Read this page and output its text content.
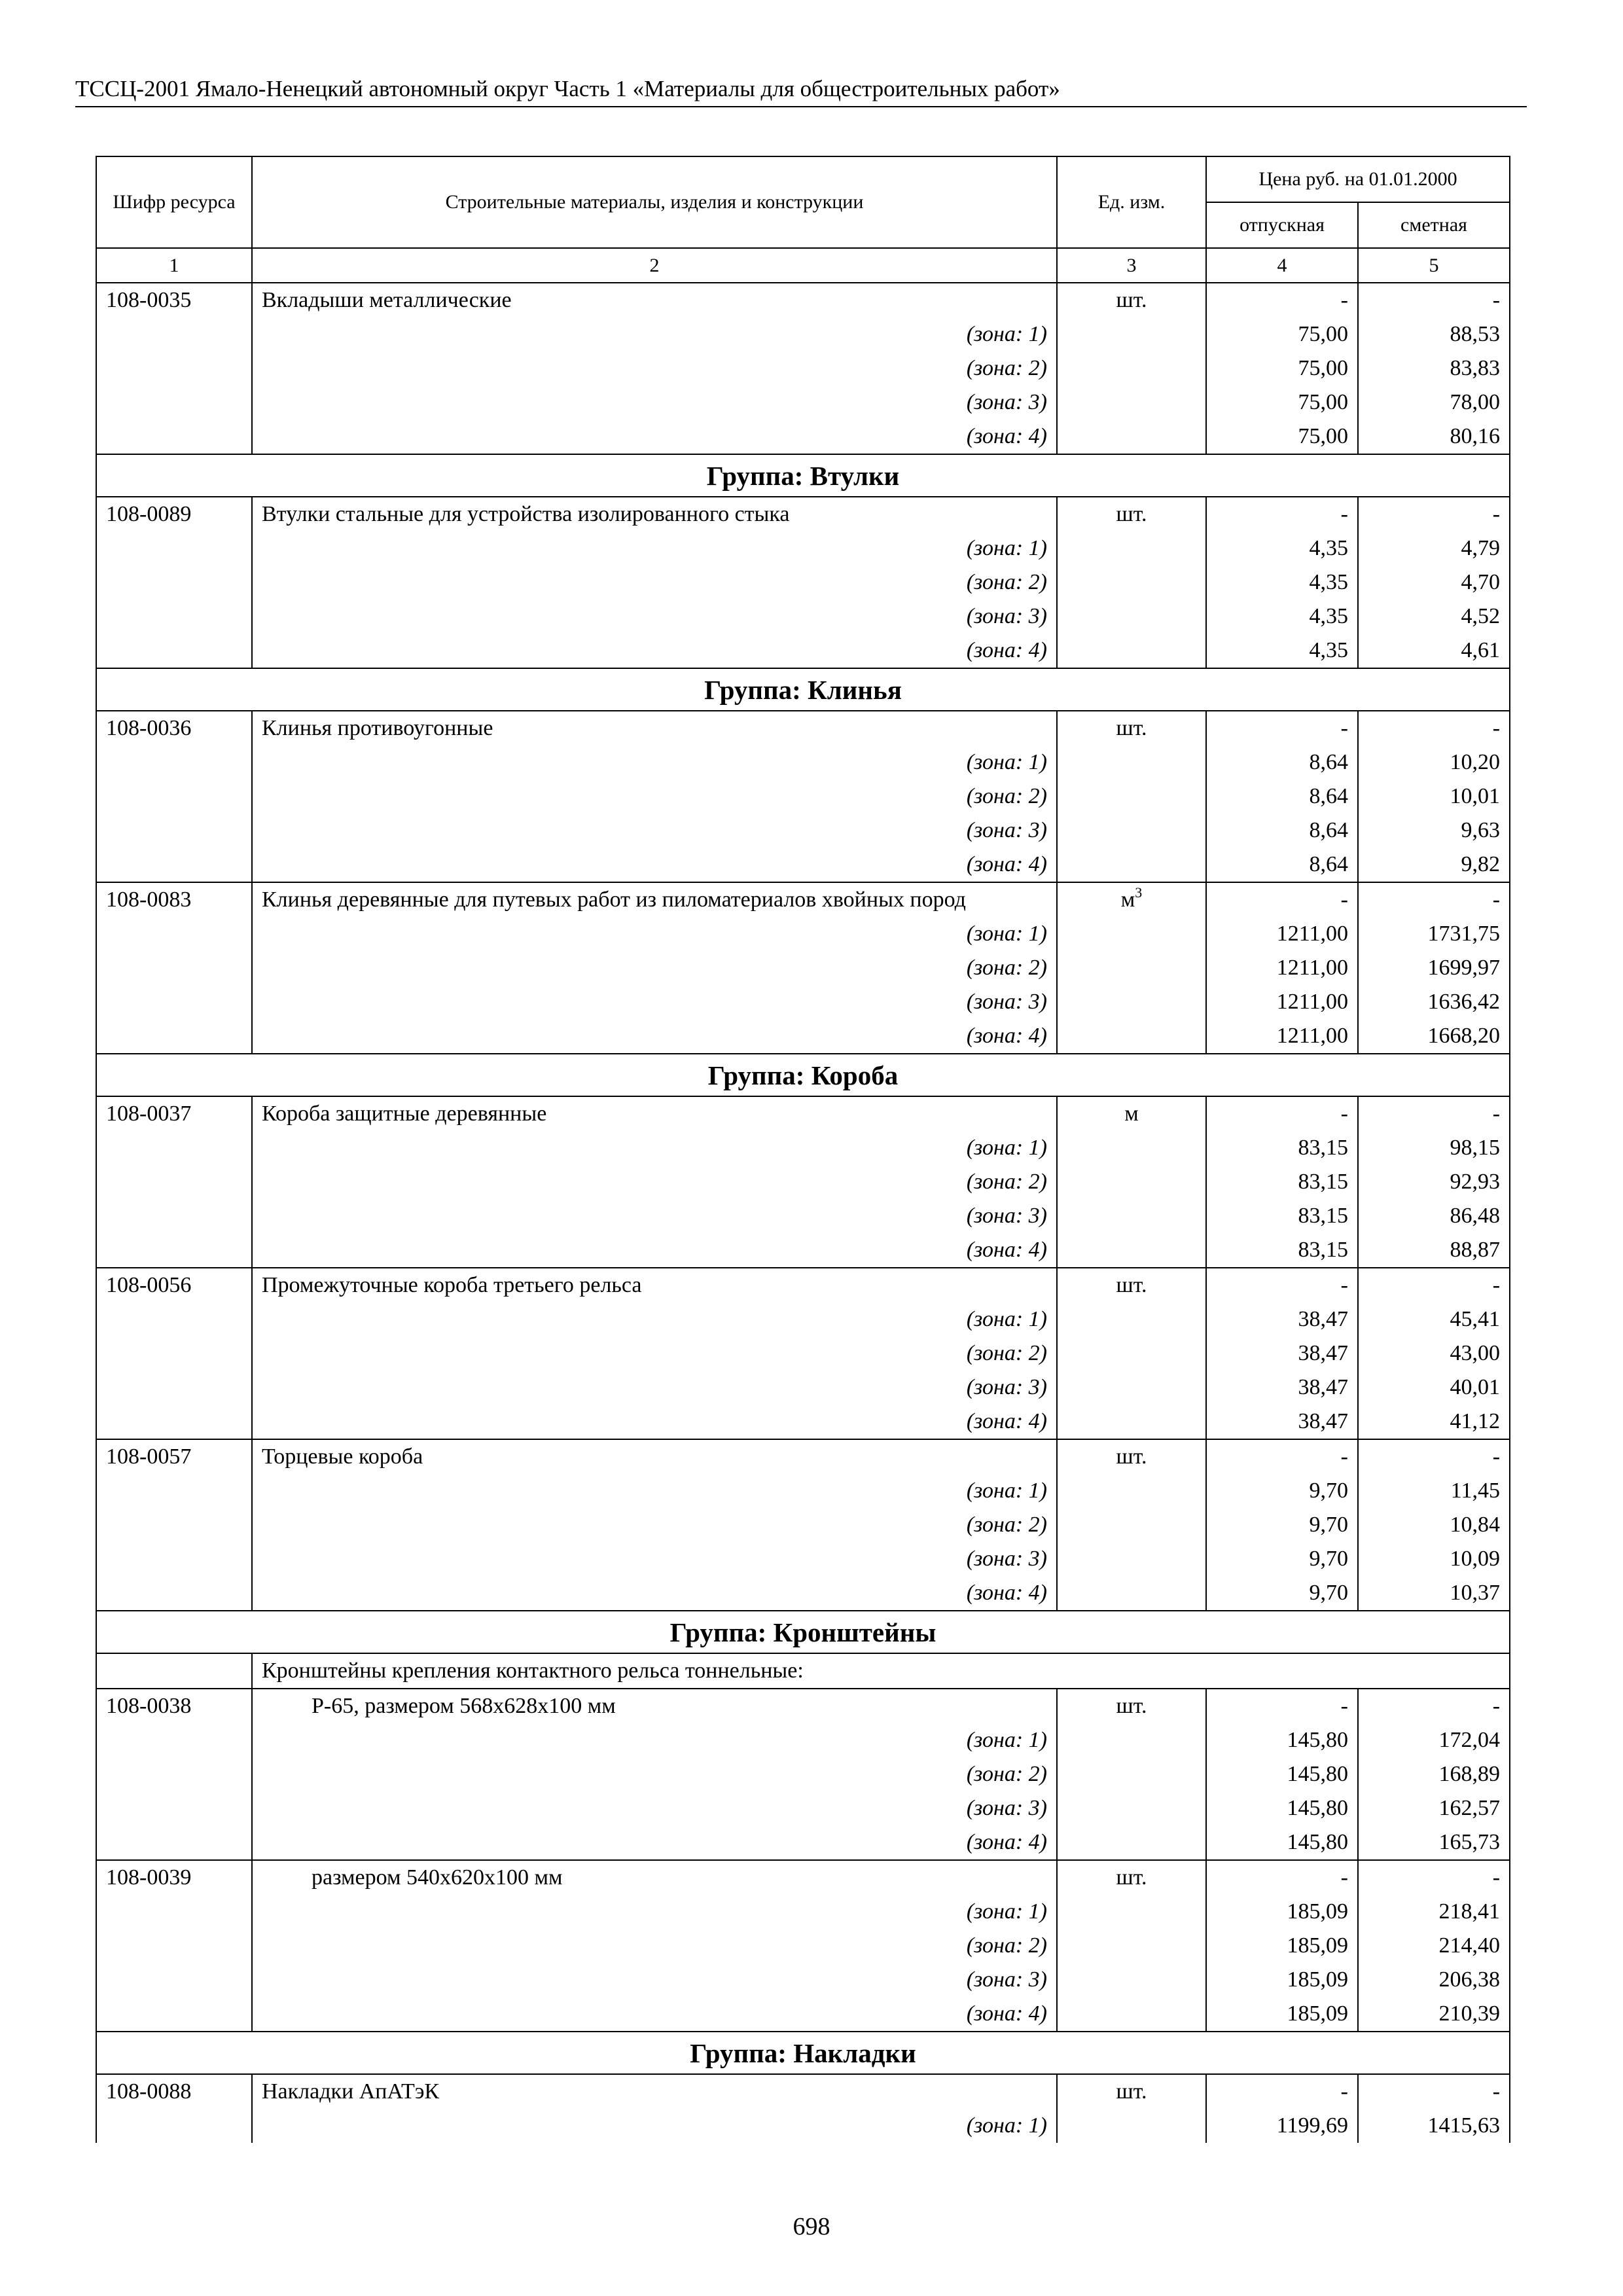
ТССЦ-2001 Ямало-Ненецкий автономный округ Часть 1 «Материалы для общестроительных работ»
Шифр ресурса	Строительные материалы, изделия и конструкции	Ед. изм.	Цена руб. на 01.01.2000	
			отпускная	сметная
1	2	3	4	5
108-0035	Вкладыши металлические	шт.	-	-
	(зона: 1)		75,00	88,53
	(зона: 2)		75,00	83,83
	(зона: 3)		75,00	78,00
	(зона: 4)		75,00	80,16
Группа: Втулки				
108-0089	Втулки стальные для устройства изолированного стыка	шт.	-	-
	(зона: 1)		4,35	4,79
	(зона: 2)		4,35	4,70
	(зона: 3)		4,35	4,52
	(зона: 4)		4,35	4,61
Группа: Клинья				
108-0036	Клинья противоугонные	шт.	-	-
	(зона: 1)		8,64	10,20
	(зона: 2)		8,64	10,01
	(зона: 3)		8,64	9,63
	(зона: 4)		8,64	9,82
108-0083	Клинья деревянные для путевых работ из пиломатериалов хвойных пород	$м^3$	-	-
	(зона: 1)		1211,00	1731,75
	(зона: 2)		1211,00	1699,97
	(зона: 3)		1211,00	1636,42
	(зона: 4)		1211,00	1668,20
Группа: Короба				
108-0037	Короба защитные деревянные	м	-	-
	(зона: 1)		83,15	98,15
	(зона: 2)		83,15	92,93
	(зона: 3)		83,15	86,48
	(зона: 4)		83,15	88,87
108-0056	Промежуточные короба третьего рельса	шт.	-	-
	(зона: 1)		38,47	45,41
	(зона: 2)		38,47	43,00
	(зона: 3)		38,47	40,01
	(зона: 4)		38,47	41,12
108-0057	Торцевые короба	шт.	-	-
	(зона: 1)		9,70	11,45
	(зона: 2)		9,70	10,84
	(зона: 3)		9,70	10,09
	(зона: 4)		9,70	10,37
Группа: Кронштейны				
	Кронштейны крепления контактного рельса тоннельные:			
108-0038	Р-65, размером 568х628х100 мм	шт.	-	-
	(зона: 1)		145,80	172,04
	(зона: 2)		145,80	168,89
	(зона: 3)		145,80	162,57
	(зона: 4)		145,80	165,73
108-0039	размером 540х620х100 мм	шт.	-	-
	(зона: 1)		185,09	218,41
	(зона: 2)		185,09	214,40
	(зона: 3)		185,09	206,38
	(зона: 4)		185,09	210,39
Группа: Накладки				
108-0088	Накладки АпАТэК	шт.	-	-
	(зона: 1)		1199,69	1415,63
698
